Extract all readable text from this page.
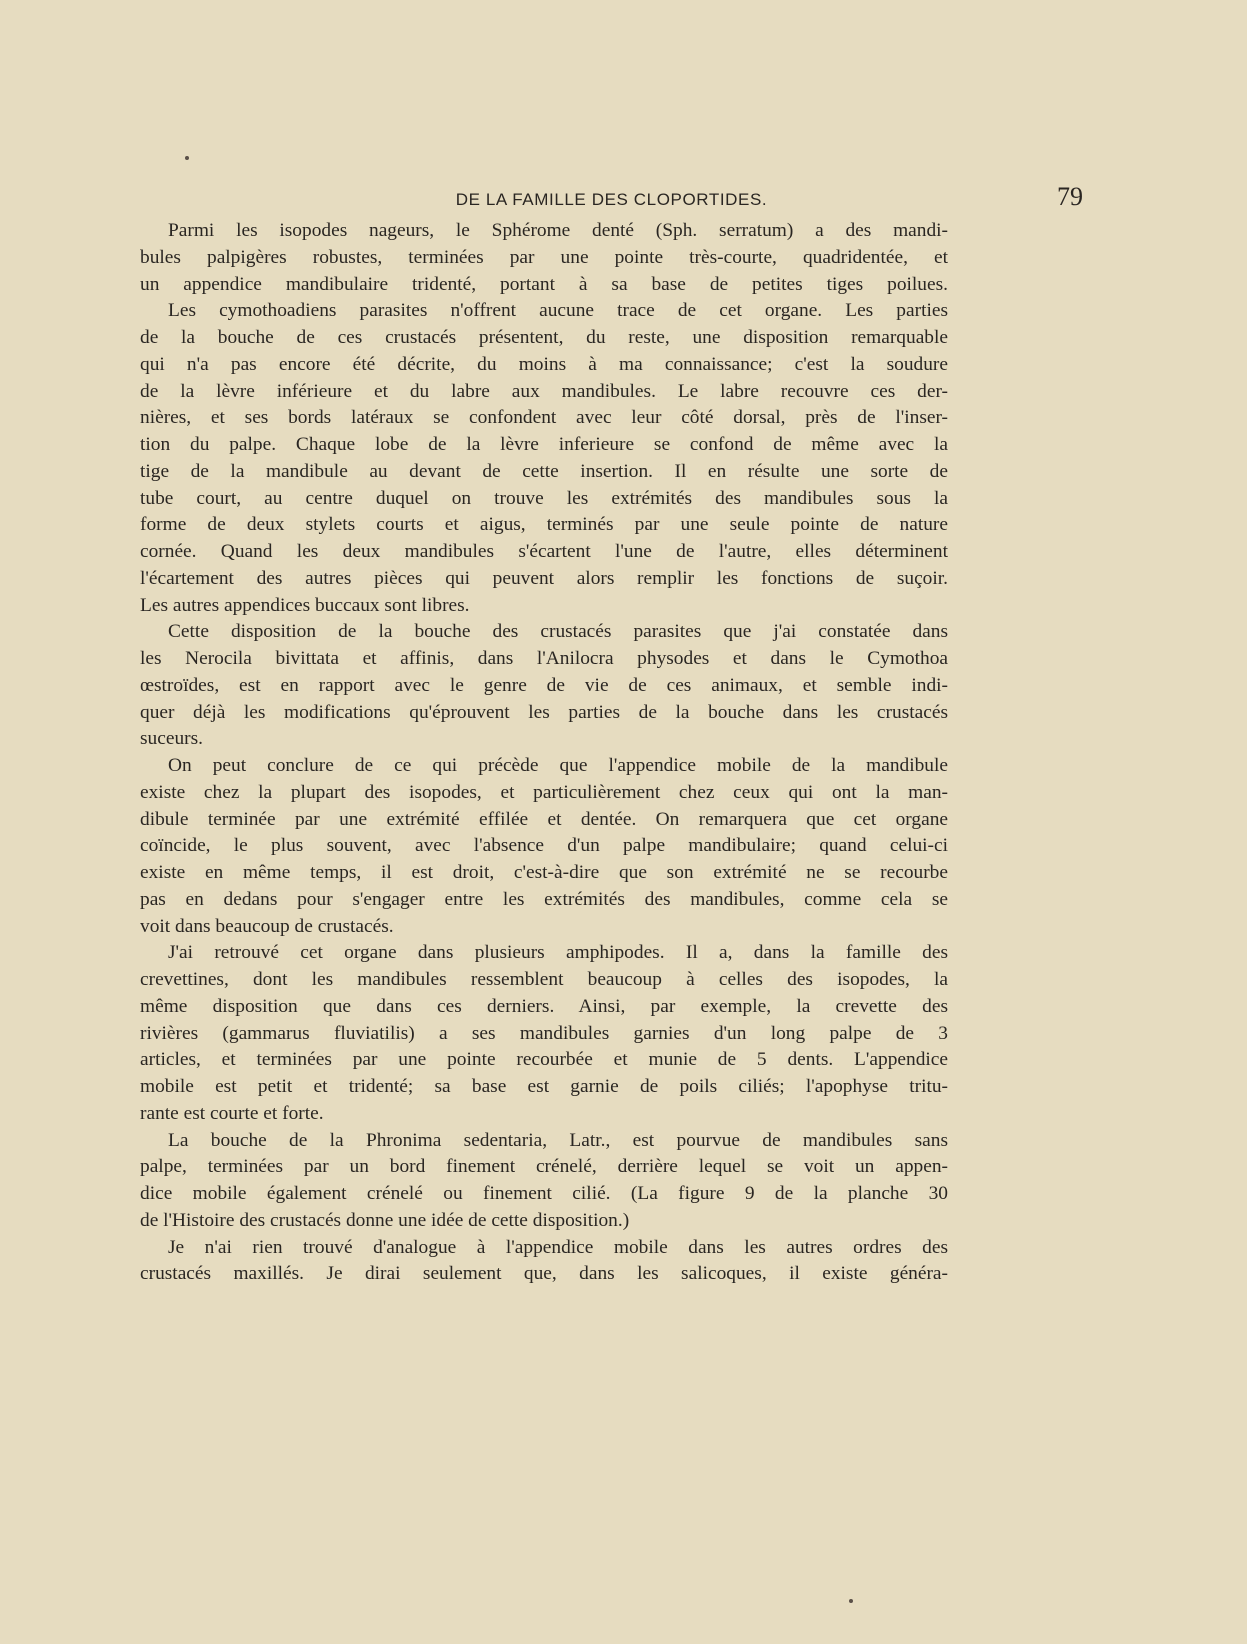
DE LA FAMILLE DES CLOPORTIDES.	79
Parmi les isopodes nageurs, le Sphérome denté (Sph. serratum) a des mandi-
bules palpigères robustes, terminées par une pointe très-courte, quadridentée, et
un appendice mandibulaire tridenté, portant à sa base de petites tiges poilues.
Les cymothoadiens parasites n'offrent aucune trace de cet organe. Les parties
de la bouche de ces crustacés présentent, du reste, une disposition remarquable
qui n'a pas encore été décrite, du moins à ma connaissance; c'est la soudure
de la lèvre inférieure et du labre aux mandibules. Le labre recouvre ces der-
nières, et ses bords latéraux se confondent avec leur côté dorsal, près de l'inser-
tion du palpe. Chaque lobe de la lèvre inferieure se confond de même avec la
tige de la mandibule au devant de cette insertion. Il en résulte une sorte de
tube court, au centre duquel on trouve les extrémités des mandibules sous la
forme de deux stylets courts et aigus, terminés par une seule pointe de nature
cornée. Quand les deux mandibules s'écartent l'une de l'autre, elles déterminent
l'écartement des autres pièces qui peuvent alors remplir les fonctions de suçoir.
Les autres appendices buccaux sont libres.
Cette disposition de la bouche des crustacés parasites que j'ai constatée dans
les Nerocila bivittata et affinis, dans l'Anilocra physodes et dans le Cymothoa
œstroïdes, est en rapport avec le genre de vie de ces animaux, et semble indi-
quer déjà les modifications qu'éprouvent les parties de la bouche dans les crustacés
suceurs.
On peut conclure de ce qui précède que l'appendice mobile de la mandibule
existe chez la plupart des isopodes, et particulièrement chez ceux qui ont la man-
dibule terminée par une extrémité effilée et dentée. On remarquera que cet organe
coïncide, le plus souvent, avec l'absence d'un palpe mandibulaire; quand celui-ci
existe en même temps, il est droit, c'est-à-dire que son extrémité ne se recourbe
pas en dedans pour s'engager entre les extrémités des mandibules, comme cela se
voit dans beaucoup de crustacés.
J'ai retrouvé cet organe dans plusieurs amphipodes. Il a, dans la famille des
crevettines, dont les mandibules ressemblent beaucoup à celles des isopodes, la
même disposition que dans ces derniers. Ainsi, par exemple, la crevette des
rivières (gammarus fluviatilis) a ses mandibules garnies d'un long palpe de 3
articles, et terminées par une pointe recourbée et munie de 5 dents. L'appendice
mobile est petit et tridenté; sa base est garnie de poils ciliés; l'apophyse tritu-
rante est courte et forte.
La bouche de la Phronima sedentaria, Latr., est pourvue de mandibules sans
palpe, terminées par un bord finement crénelé, derrière lequel se voit un appen-
dice mobile également crénelé ou finement cilié. (La figure 9 de la planche 30
de l'Histoire des crustacés donne une idée de cette disposition.)
Je n'ai rien trouvé d'analogue à l'appendice mobile dans les autres ordres des
crustacés maxillés. Je dirai seulement que, dans les salicoques, il existe généra-
